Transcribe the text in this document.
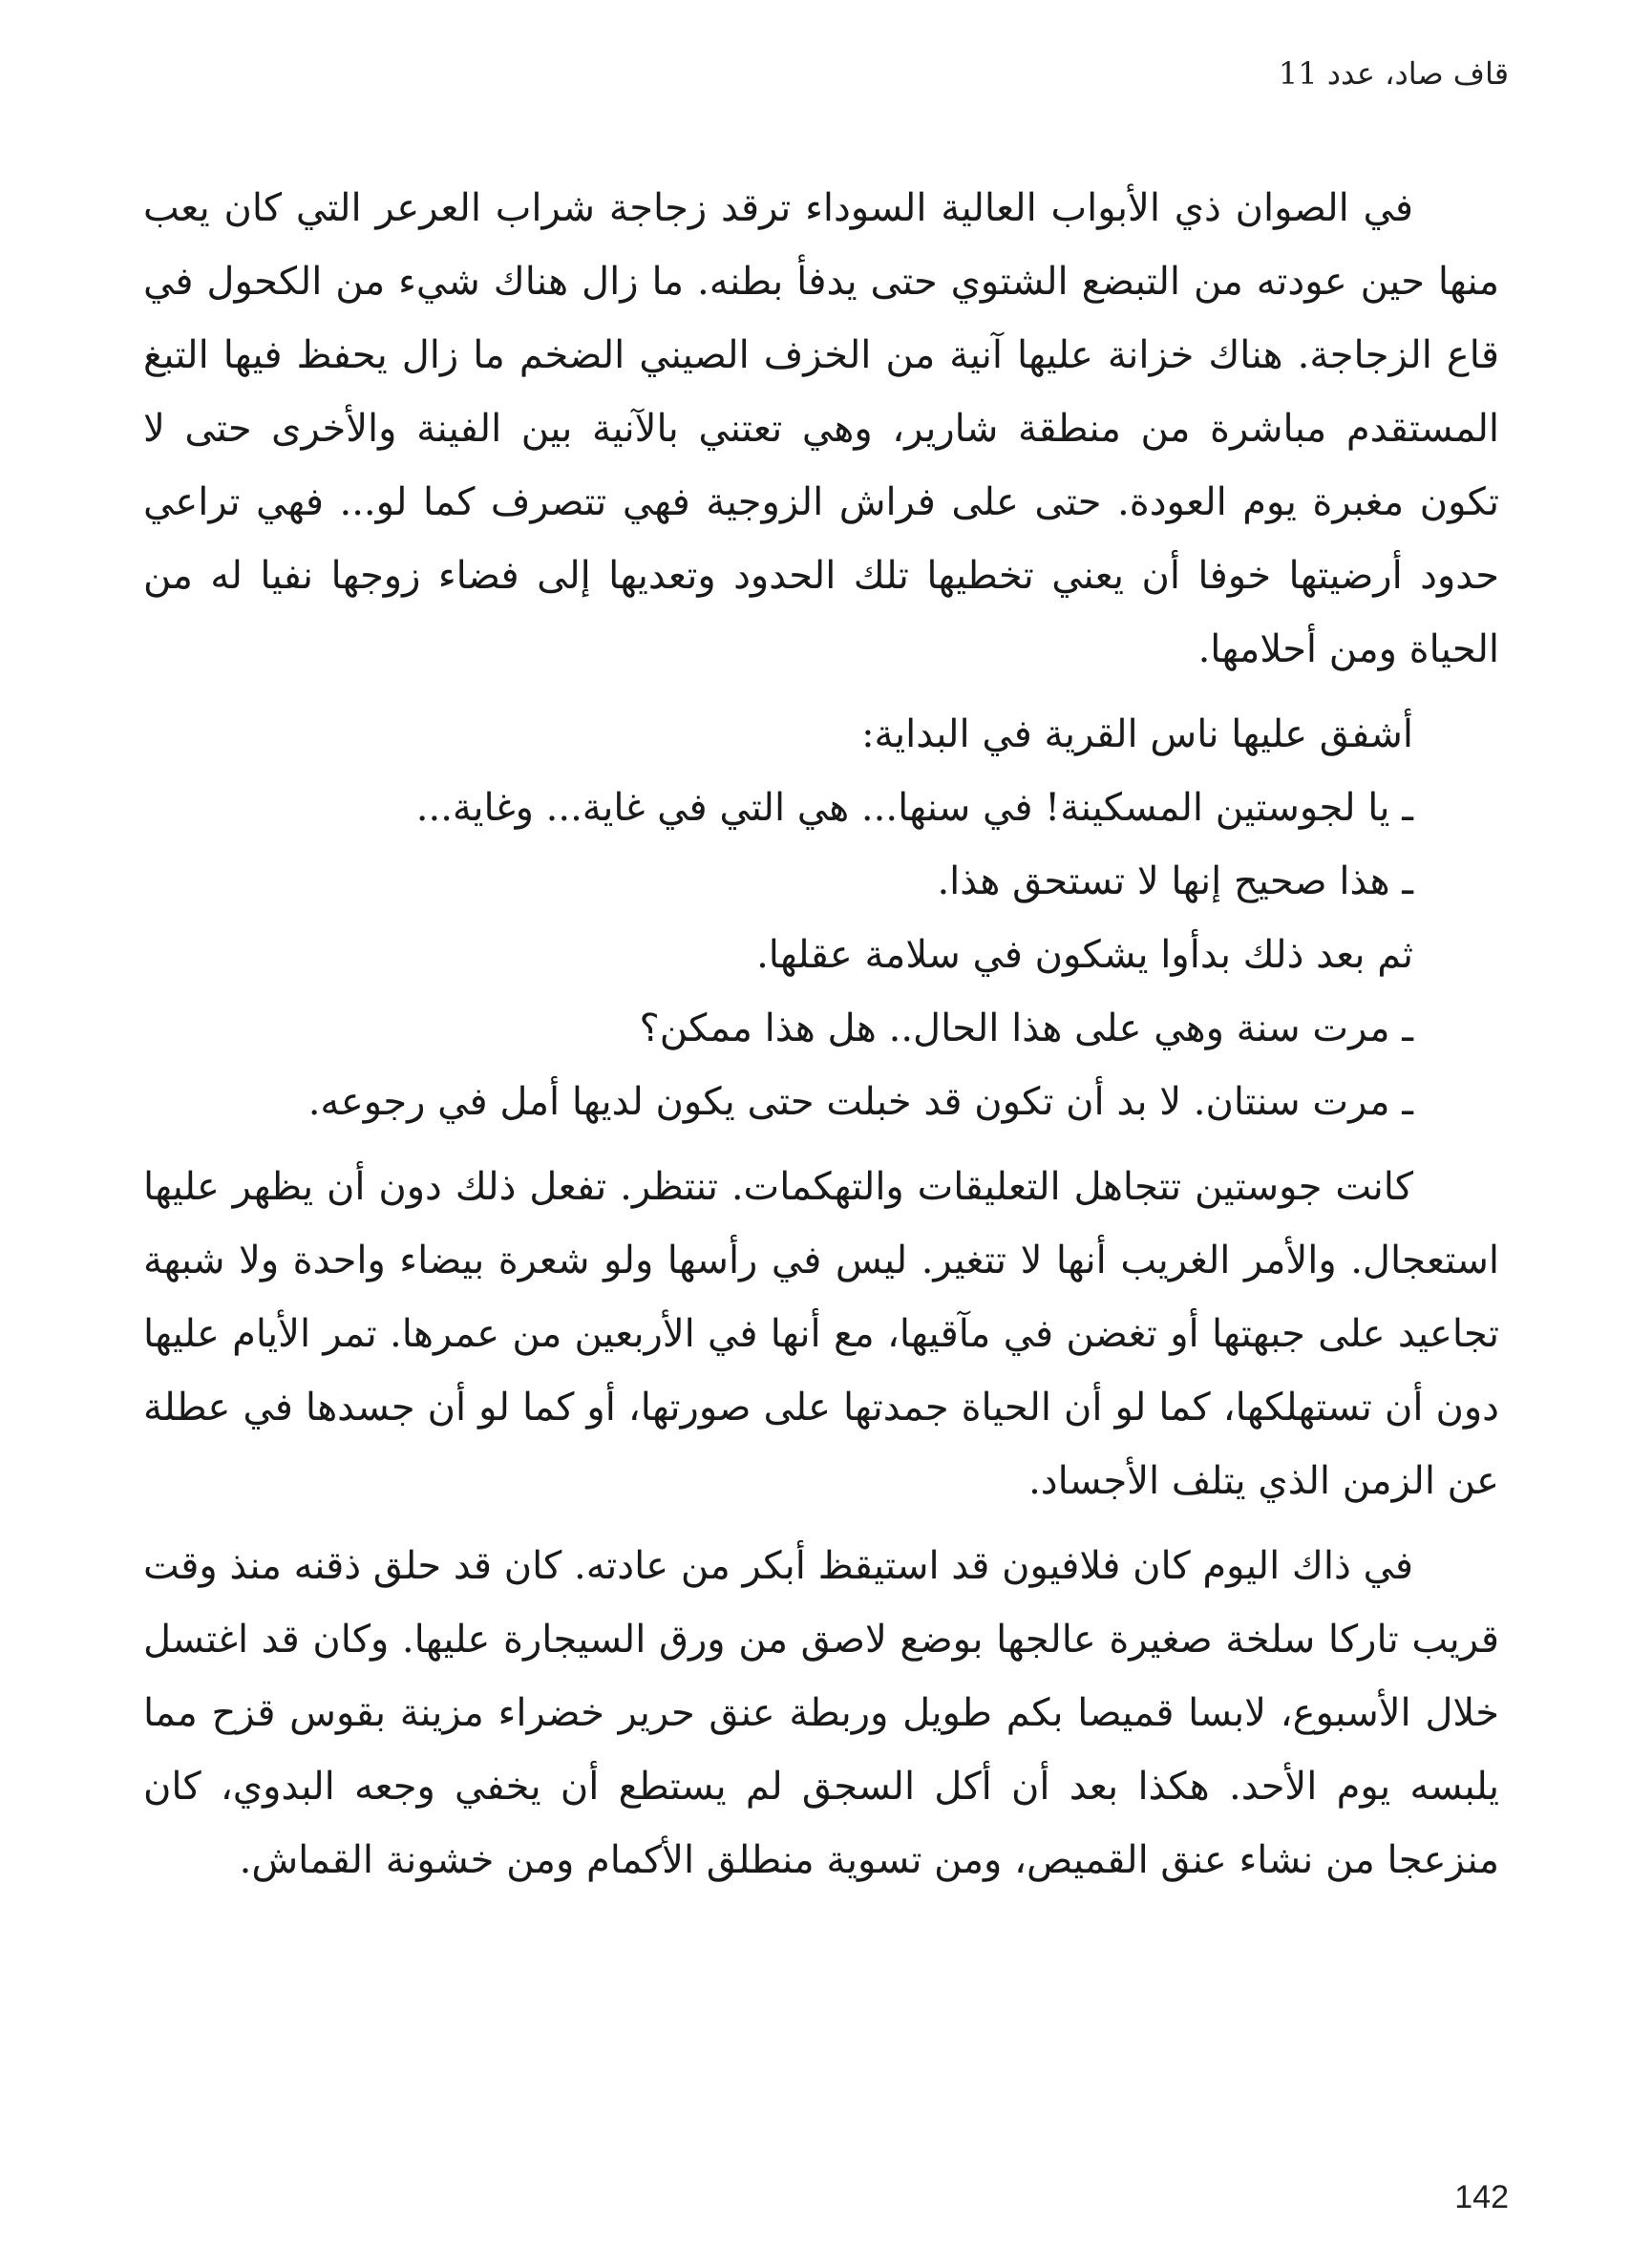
قاف صاد، عدد 11

في الصوان ذي الأبواب العالية السوداء ترقد زجاجة شراب العرعر التي كان يعب منها حين عودته من التبضع الشتوي حتى يدفأ بطنه. ما زال هناك شيء من الكحول في قاع الزجاجة. هناك خزانة عليها آنية من الخزف الصيني الضخم ما زال يحفظ فيها التبغ المستقدم مباشرة من منطقة شارير، وهي تعتني بالآنية بين الفينة والأخرى حتى لا تكون مغبرة يوم العودة. حتى على فراش الزوجية فهي تتصرف كما لو... فهي تراعي حدود أرضيتها خوفا أن يعني تخطيها تلك الحدود وتعديها إلى فضاء زوجها نفيا له من الحياة ومن أحلامها.

أشفق عليها ناس القرية في البداية:

ـ يا لجوستين المسكينة! في سنها... هي التي في غاية... وغاية...

ـ هذا صحيح إنها لا تستحق هذا.

ثم بعد ذلك بدأوا يشكون في سلامة عقلها.

ـ مرت سنة وهي على هذا الحال.. هل هذا ممكن؟

ـ مرت سنتان. لا بد أن تكون قد خبلت حتى يكون لديها أمل في رجوعه.

كانت جوستين تتجاهل التعليقات والتهكمات. تنتظر. تفعل ذلك دون أن يظهر عليها استعجال. والأمر الغريب أنها لا تتغير. ليس في رأسها ولو شعرة بيضاء واحدة ولا شبهة تجاعيد على جبهتها أو تغضن في مآقيها، مع أنها في الأربعين من عمرها. تمر الأيام عليها دون أن تستهلكها، كما لو أن الحياة جمدتها على صورتها، أو كما لو أن جسدها في عطلة عن الزمن الذي يتلف الأجساد.

في ذاك اليوم كان فلافيون قد استيقظ أبكر من عادته. كان قد حلق ذقنه منذ وقت قريب تاركا سلخة صغيرة عالجها بوضع لاصق من ورق السيجارة عليها. وكان قد اغتسل خلال الأسبوع، لابسا قميصا بكم طويل وربطة عنق حرير خضراء مزينة بقوس قزح مما يلبسه يوم الأحد. هكذا بعد أن أكل السجق لم يستطع أن يخفي وجعه البدوي، كان منزعجا من نشاء عنق القميص، ومن تسوية منطلق الأكمام ومن خشونة القماش.

142
